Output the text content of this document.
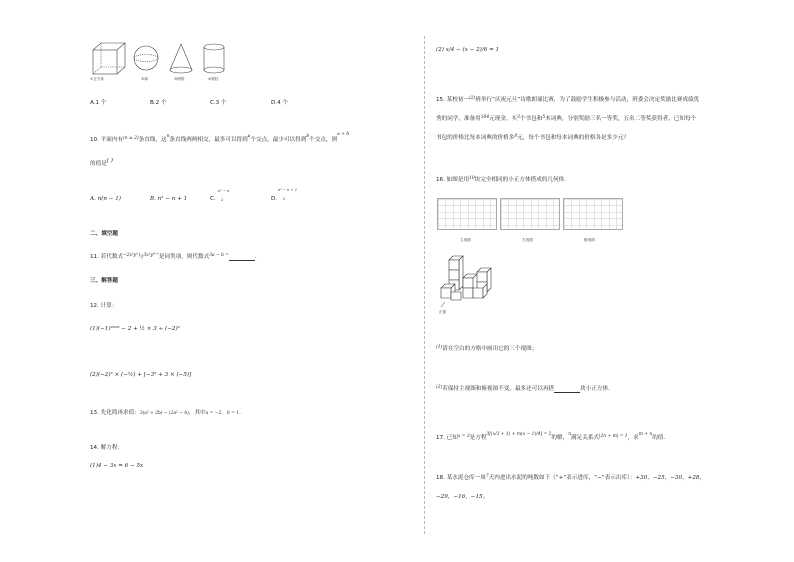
①正方体	②球	③圆锥	④圆柱
A.1 个	B.2 个	C.3 个	D.4 个
10. 平面内有$^{(n \ge 2)}$条直线，这$^n$条直线两两相交，最多可以得到$^a$个交点，最少可以得到$^b$个交点，则$^{a + b}$
的值是( )
A. n(n − 1)	B. n² − n + 1	C.
n² − n
2	D.
n² − n + 2
2
二、填空题
11. 若代数式$^{-2xᵃy^3}$与$^{3x^3y^{4-}ᵇ}$是同类项，则代数式$^{3a - b =}$	.
三、解答题
12. 计算：
(1)(−1)²⁰¹⁸ − 2 + ½ × 3 ÷ (−2)²
(2)(−2)² × (−½) + [−3² + 3 × (−5)]
13. 先化简再求值：3(a² + 2b) − (2a² − b)，其中a = −2， b = 1.
14. 解方程：
(1)4 − 3x = 6 − 5x
(2) x/4 − (x − 2)/6 = 1
15. 某校初一$^{(2)}$班举行“庆祝元旦”诗歌朗诵比赛，为了鼓励学生积极参与活动，班委会决定奖励比赛成绩优
秀的同学，准备用$^{164}$元现金，买$^3$个书包和$^5$本词典，分别奖励三名一等奖，五名二等奖获得者，已知每个
书包的价格比每本词典的价格多$^8$元，每个书包和每本词典的价格各是多少元？
16. 如图是用$^{10}$块完全相同的小正方体搭成的几何体.
主视图	左视图	俯视图
正面
$^{(1)}$请在空白的方格中画出它的三个视图；
$^{(2)}$若保持主视图和俯视图不变，最多还可以再搭	块小正方体.
17. 已知$^{x = 3}$是方程$^{3[(x/3 + 1) + m(x - 1)/4] = 2}$的解，$^n$满足关系式$^{|2n + m| = 1}$，求$^{m + n}$的值.
18. 某水泥仓库一周$^7$天内进出水泥的吨数如下（“+”表示进库，“−”表示出库）：+30，−25，−30，+28，
−29，−16，−15。
